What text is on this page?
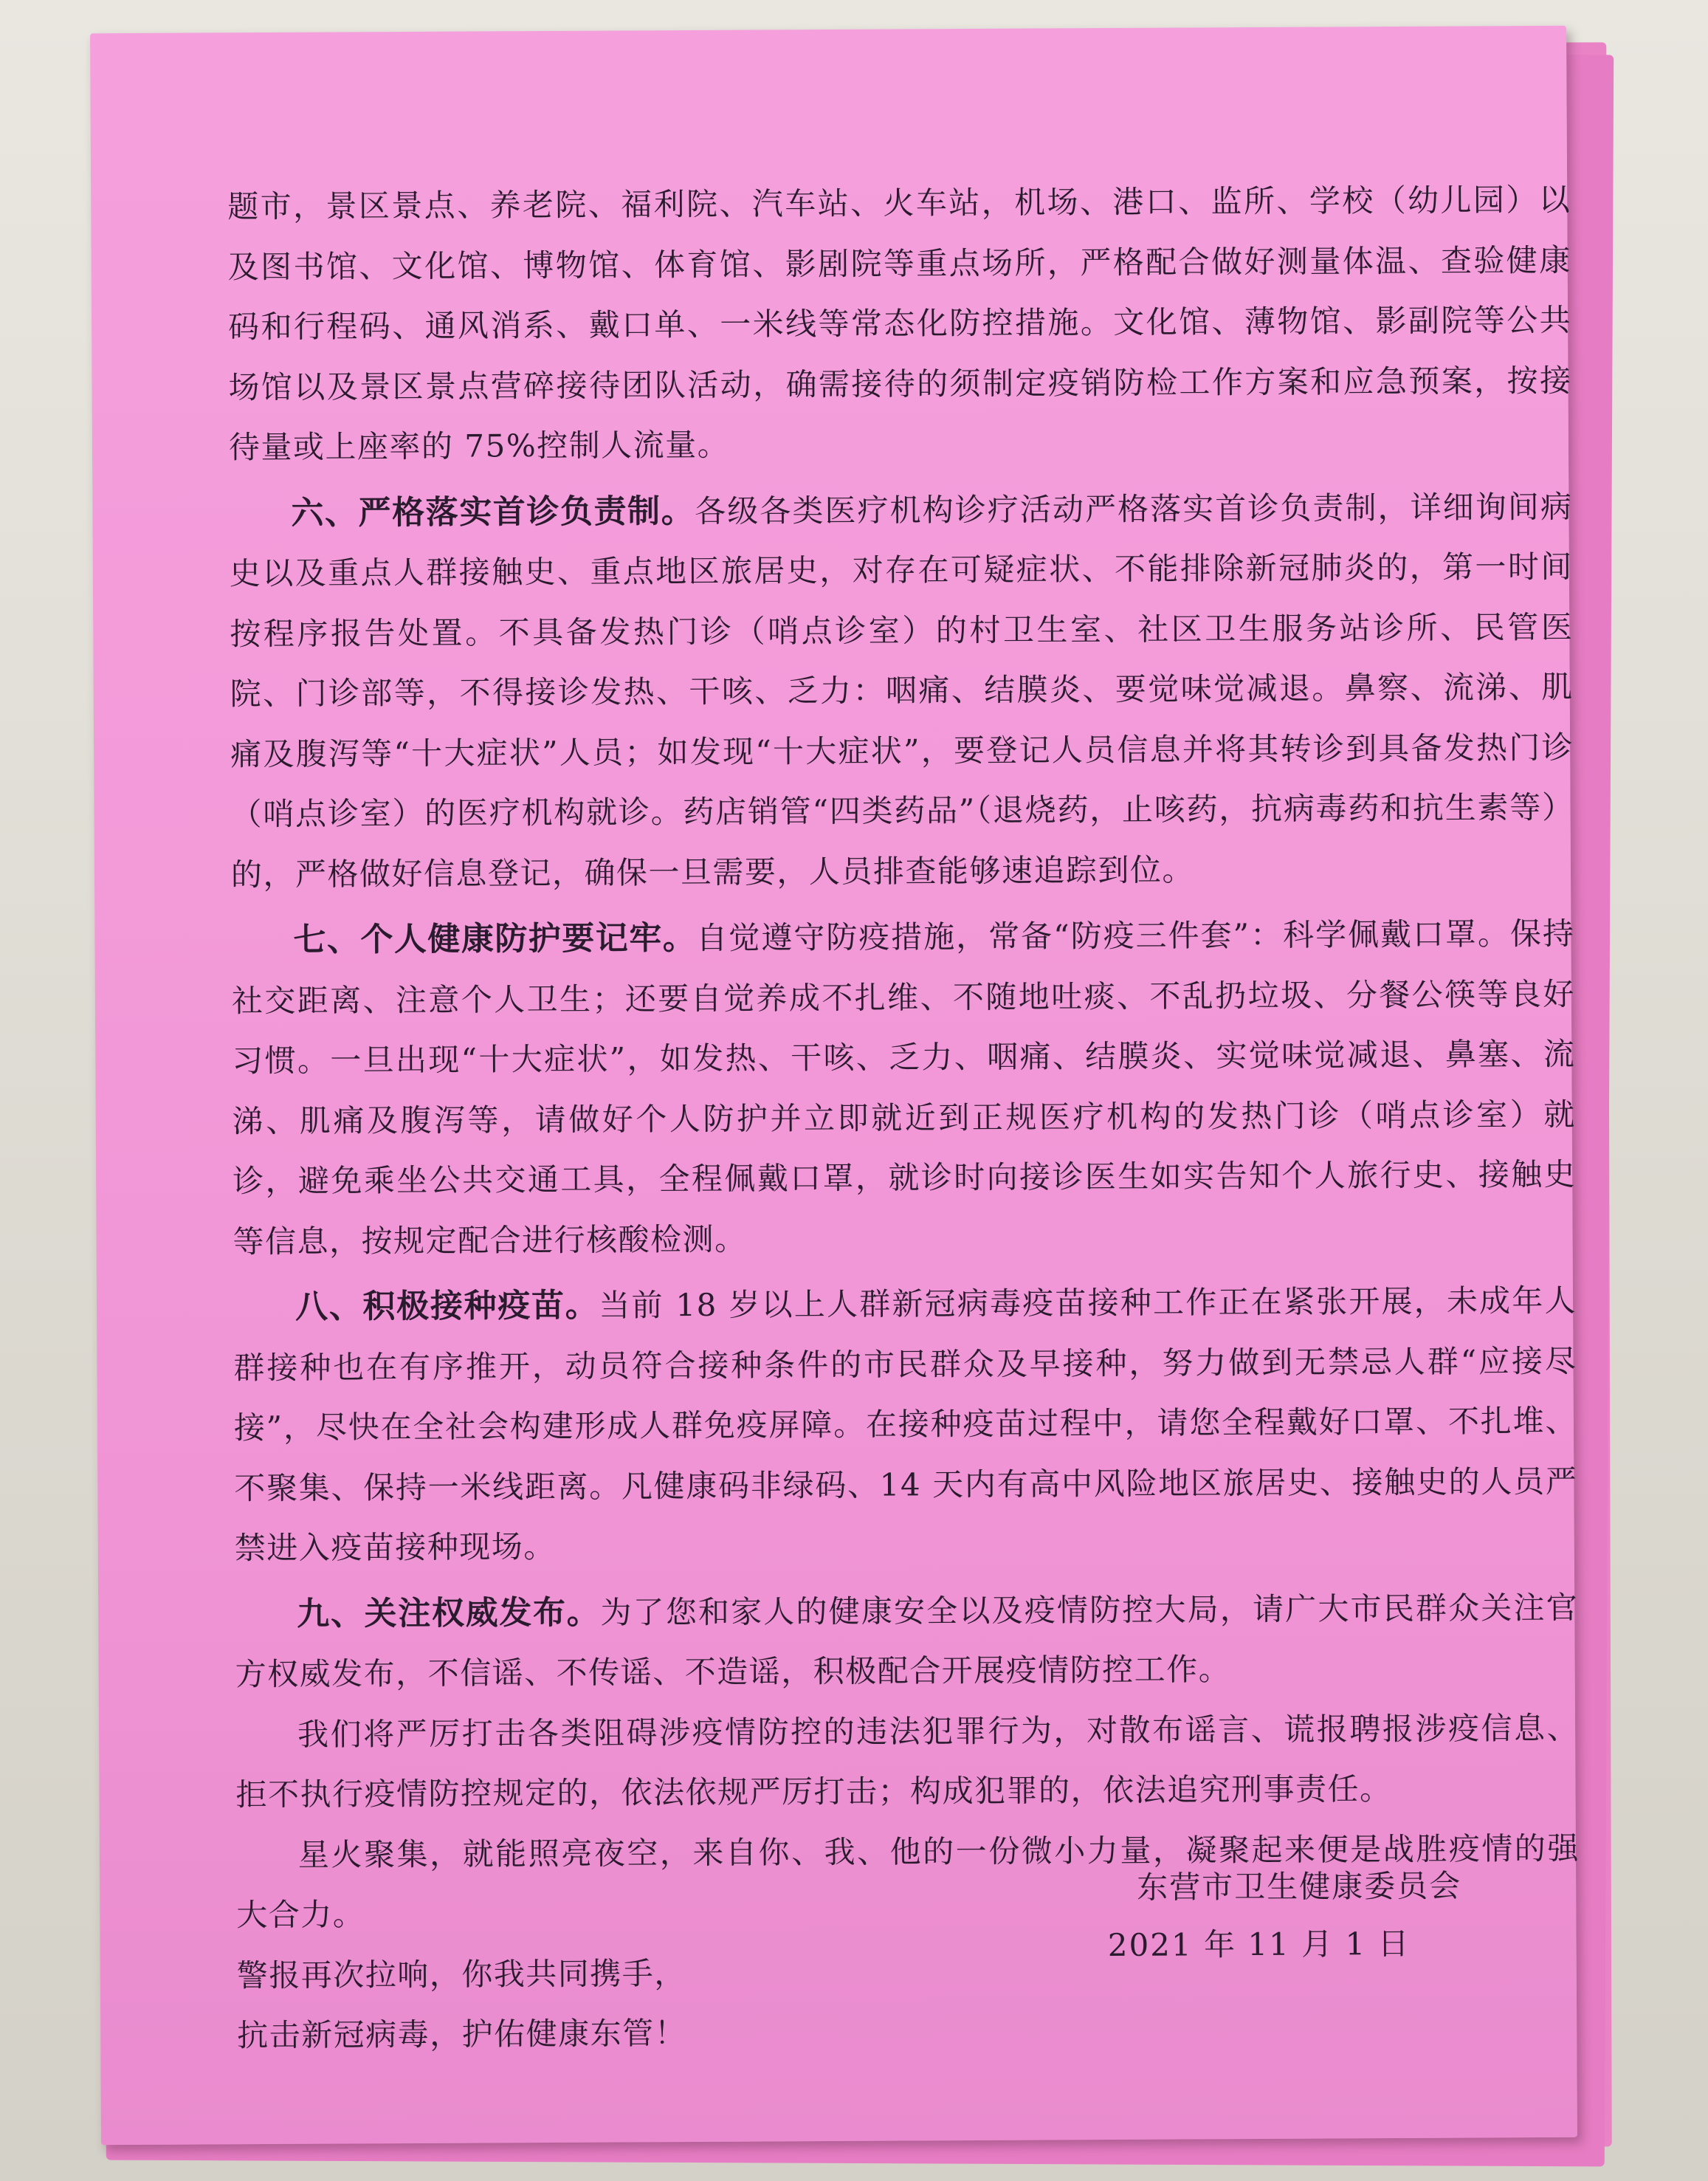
题市，景区景点、养老院、福利院、汽车站、火车站，机场、港口、监所、学校（幼儿园）以及图书馆、文化馆、博物馆、体育馆、影剧院等重点场所，严格配合做好测量体温、查验健康码和行程码、通风消系、戴口单、一米线等常态化防控措施。文化馆、薄物馆、影副院等公共场馆以及景区景点营碎接待团队活动，确需接待的须制定疫销防检工作方案和应急预案，按接待量或上座率的 75%控制人流量。

六、严格落实首诊负责制。各级各类医疗机构诊疗活动严格落实首诊负责制，详细询间病史以及重点人群接触史、重点地区旅居史，对存在可疑症状、不能排除新冠肺炎的，第一时间按程序报告处置。不具备发热门诊（哨点诊室）的村卫生室、社区卫生服务站诊所、民管医院、门诊部等，不得接诊发热、干咳、乏力：咽痛、结膜炎、要觉味觉减退。鼻察、流涕、肌痛及腹泻等“十大症状”人员；如发现“十大症状”，要登记人员信息并将其转诊到具备发热门诊（哨点诊室）的医疗机构就诊。药店销管“四类药品”（退烧药，止咳药，抗病毒药和抗生素等）的，严格做好信息登记，确保一旦需要，人员排查能够速追踪到位。

七、个人健康防护要记牢。自觉遵守防疫措施，常备“防疫三件套”：科学佩戴口罩。保持社交距离、注意个人卫生；还要自觉养成不扎维、不随地吐痰、不乱扔垃圾、分餐公筷等良好习惯。一旦出现“十大症状”，如发热、干咳、乏力、咽痛、结膜炎、实觉味觉减退、鼻塞、流涕、肌痛及腹泻等，请做好个人防护并立即就近到正规医疗机构的发热门诊（哨点诊室）就诊，避免乘坐公共交通工具，全程佩戴口罩，就诊时向接诊医生如实告知个人旅行史、接触史等信息，按规定配合进行核酸检测。

八、积极接种疫苗。当前 18 岁以上人群新冠病毒疫苗接种工作正在紧张开展，未成年人群接种也在有序推开，动员符合接种条件的市民群众及早接种，努力做到无禁忌人群“应接尽接”，尽快在全社会构建形成人群免疫屏障。在接种疫苗过程中，请您全程戴好口罩、不扎堆、不聚集、保持一米线距离。凡健康码非绿码、14 天内有高中风险地区旅居史、接触史的人员严禁进入疫苗接种现场。

九、关注权威发布。为了您和家人的健康安全以及疫情防控大局，请广大市民群众关注官方权威发布，不信谣、不传谣、不造谣，积极配合开展疫情防控工作。

我们将严厉打击各类阻碍涉疫情防控的违法犯罪行为，对散布谣言、谎报聘报涉疫信息、拒不执行疫情防控规定的，依法依规严厉打击；构成犯罪的，依法追究刑事责任。

星火聚集，就能照亮夜空，来自你、我、他的一份微小力量，凝聚起来便是战胜疫情的强大合力。

警报再次拉响，你我共同携手，

抗击新冠病毒，护佑健康东管！

东营市卫生健康委员会
2021 年 11 月 1 日
